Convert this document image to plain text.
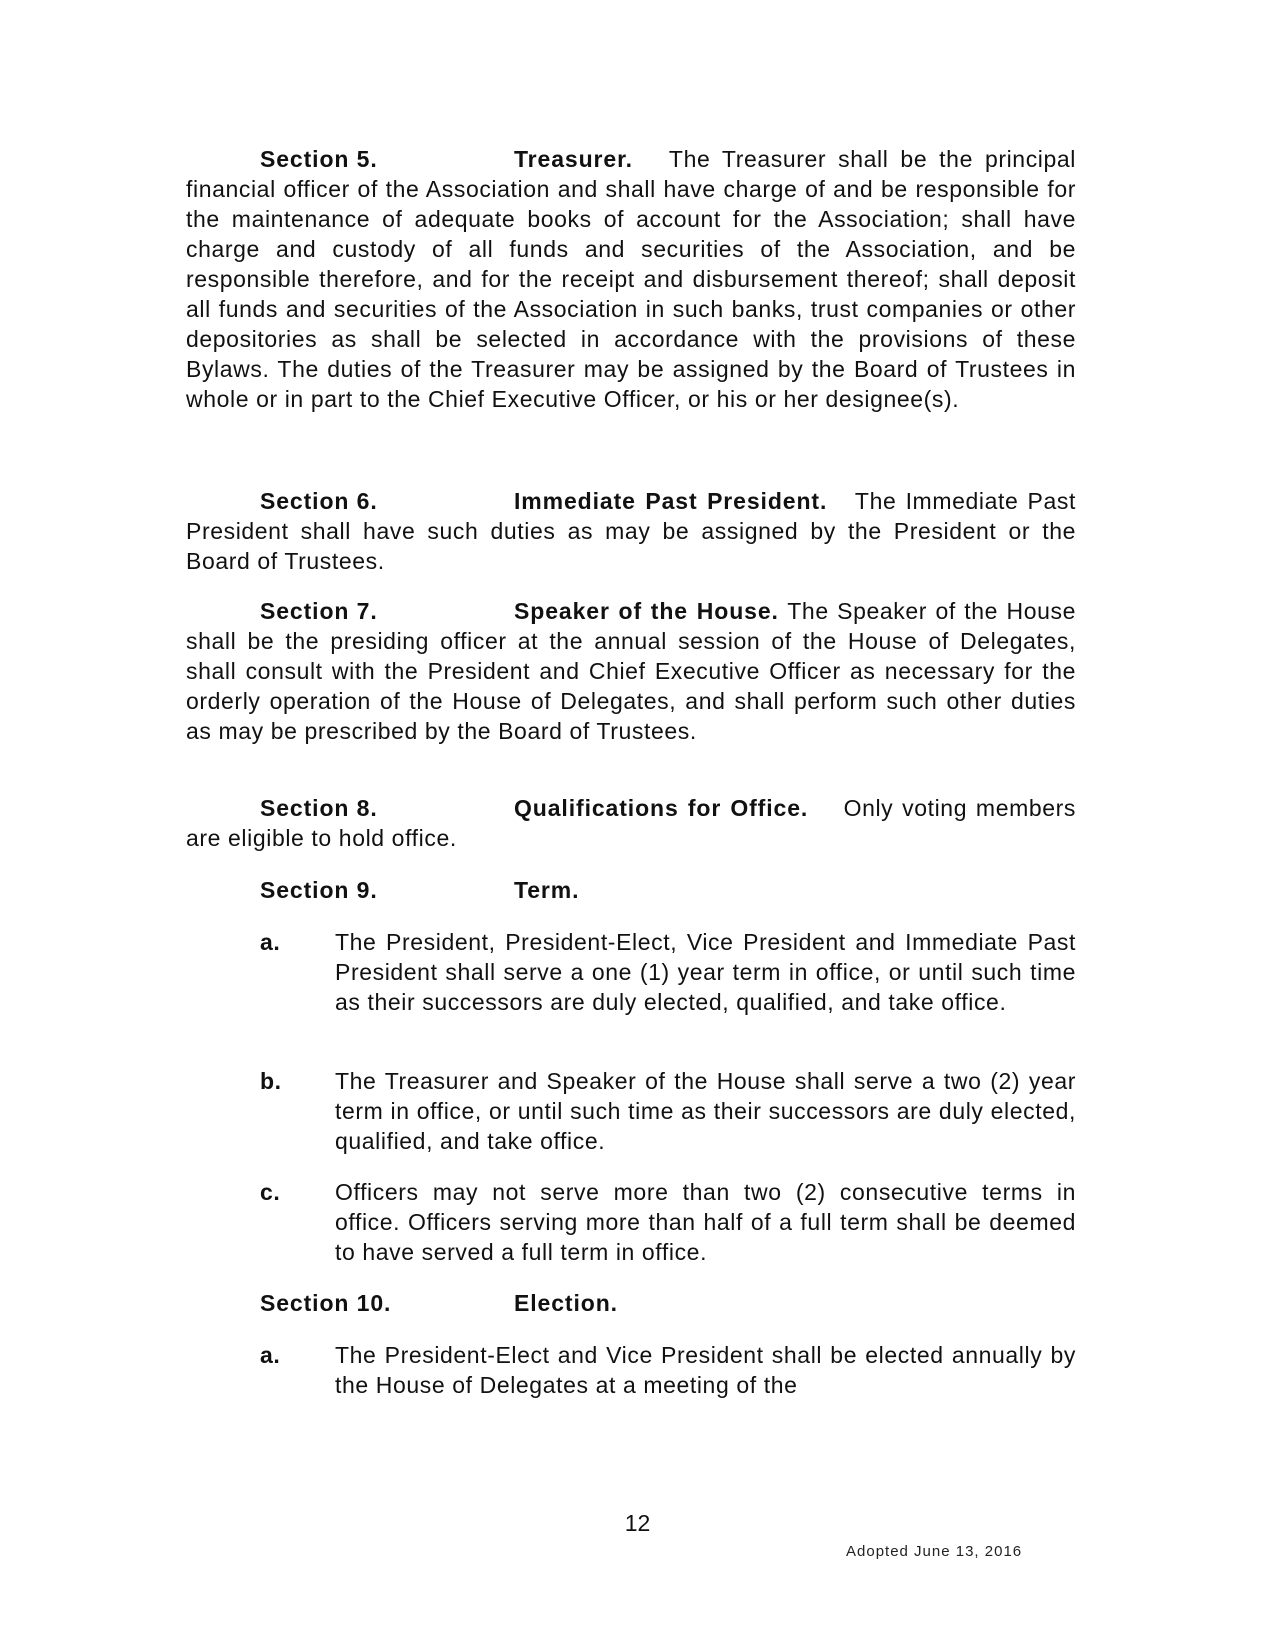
Section 5.	Treasurer. The Treasurer shall be the principal financial officer of the Association and shall have charge of and be responsible for the maintenance of adequate books of account for the Association; shall have charge and custody of all funds and securities of the Association, and be responsible therefore, and for the receipt and disbursement thereof; shall deposit all funds and securities of the Association in such banks, trust companies or other depositories as shall be selected in accordance with the provisions of these Bylaws. The duties of the Treasurer may be assigned by the Board of Trustees in whole or in part to the Chief Executive Officer, or his or her designee(s).

Section 6.	Immediate Past President. The Immediate Past President shall have such duties as may be assigned by the President or the Board of Trustees.

Section 7.	Speaker of the House. The Speaker of the House shall be the presiding officer at the annual session of the House of Delegates, shall consult with the President and Chief Executive Officer as necessary for the orderly operation of the House of Delegates, and shall perform such other duties as may be prescribed by the Board of Trustees.

Section 8.	Qualifications for Office. Only voting members are eligible to hold office.

Section 9.	Term.

a.	The President, President-Elect, Vice President and Immediate Past President shall serve a one (1) year term in office, or until such time as their successors are duly elected, qualified, and take office.
b.	The Treasurer and Speaker of the House shall serve a two (2) year term in office, or until such time as their successors are duly elected, qualified, and take office.
c.	Officers may not serve more than two (2) consecutive terms in office. Officers serving more than half of a full term shall be deemed to have served a full term in office.

Section 10.	Election.

a.	The President-Elect and Vice President shall be elected annually by the House of Delegates at a meeting of the
12
Adopted June 13, 2016
